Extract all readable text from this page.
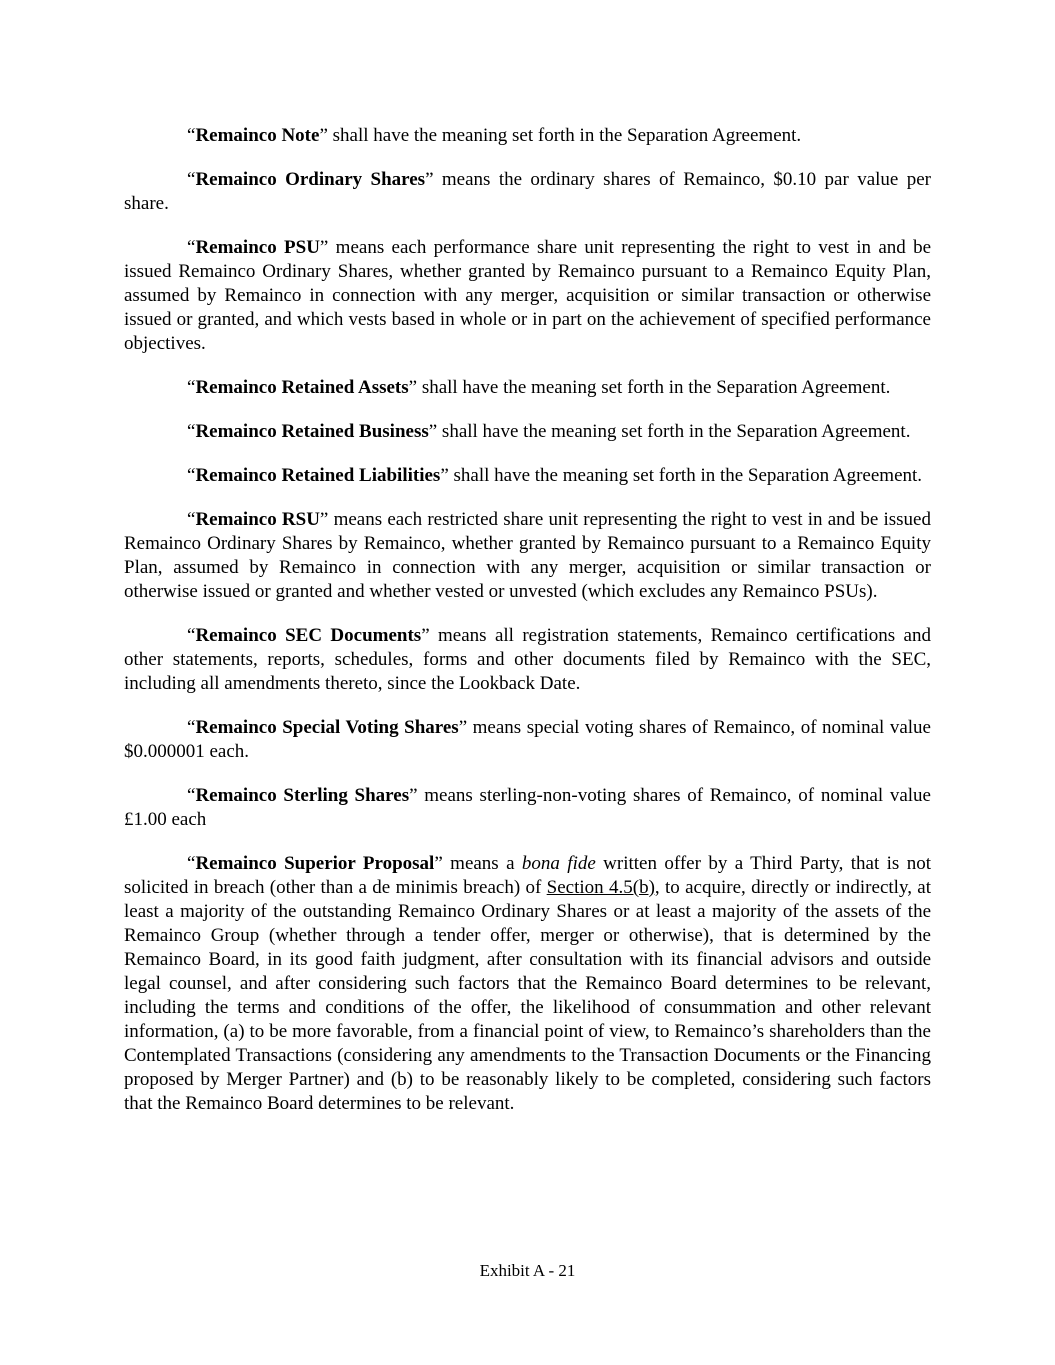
“Remainco Note” shall have the meaning set forth in the Separation Agreement.

“Remainco Ordinary Shares” means the ordinary shares of Remainco, $0.10 par value per share.

“Remainco PSU” means each performance share unit representing the right to vest in and be issued Remainco Ordinary Shares, whether granted by Remainco pursuant to a Remainco Equity Plan, assumed by Remainco in connection with any merger, acquisition or similar transaction or otherwise issued or granted, and which vests based in whole or in part on the achievement of specified performance objectives.

“Remainco Retained Assets” shall have the meaning set forth in the Separation Agreement.

“Remainco Retained Business” shall have the meaning set forth in the Separation Agreement.

“Remainco Retained Liabilities” shall have the meaning set forth in the Separation Agreement.

“Remainco RSU” means each restricted share unit representing the right to vest in and be issued Remainco Ordinary Shares by Remainco, whether granted by Remainco pursuant to a Remainco Equity Plan, assumed by Remainco in connection with any merger, acquisition or similar transaction or otherwise issued or granted and whether vested or unvested (which excludes any Remainco PSUs).

“Remainco SEC Documents” means all registration statements, Remainco certifications and other statements, reports, schedules, forms and other documents filed by Remainco with the SEC, including all amendments thereto, since the Lookback Date.

“Remainco Special Voting Shares” means special voting shares of Remainco, of nominal value $0.000001 each.

“Remainco Sterling Shares” means sterling-non-voting shares of Remainco, of nominal value £1.00 each

“Remainco Superior Proposal” means a bona fide written offer by a Third Party, that is not solicited in breach (other than a de minimis breach) of Section 4.5(b), to acquire, directly or indirectly, at least a majority of the outstanding Remainco Ordinary Shares or at least a majority of the assets of the Remainco Group (whether through a tender offer, merger or otherwise), that is determined by the Remainco Board, in its good faith judgment, after consultation with its financial advisors and outside legal counsel, and after considering such factors that the Remainco Board determines to be relevant, including the terms and conditions of the offer, the likelihood of consummation and other relevant information, (a) to be more favorable, from a financial point of view, to Remainco’s shareholders than the Contemplated Transactions (considering any amendments to the Transaction Documents or the Financing proposed by Merger Partner) and (b) to be reasonably likely to be completed, considering such factors that the Remainco Board determines to be relevant.

Exhibit A - 21
